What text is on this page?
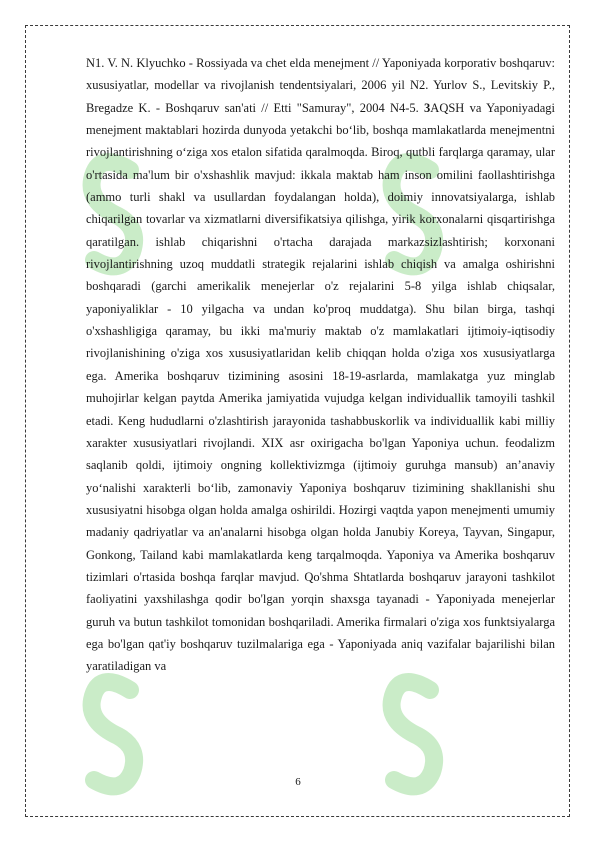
N1. V. N. Klyuchko - Rossiyada va chet elda menejment // Yaponiyada korporativ boshqaruv: xususiyatlar, modellar va rivojlanish tendentsiyalari, 2006 yil N2. Yurlov S., Levitskiy P., Bregadze K. - Boshqaruv san'ati // Etti "Samuray", 2004 N4-5. 3AQSH va Yaponiyadagi menejment maktablari hozirda dunyoda yetakchi bo‘lib, boshqa mamlakatlarda menejmentni rivojlantirishning o‘ziga xos etalon sifatida qaralmoqda. Biroq, qutbli farqlarga qaramay, ular o'rtasida ma'lum bir o'xshashlik mavjud: ikkala maktab ham inson omilini faollashtirishga (ammo turli shakl va usullardan foydalangan holda), doimiy innovatsiyalarga, ishlab chiqarilgan tovarlar va xizmatlarni diversifikatsiya qilishga, yirik korxonalarni qisqartirishga qaratilgan. ishlab chiqarishni o'rtacha darajada markazsizlashtirish; korxonani rivojlantirishning uzoq muddatli strategik rejalarini ishlab chiqish va amalga oshirishni boshqaradi (garchi amerikalik menejerlar o'z rejalarini 5-8 yilga ishlab chiqsalar, yaponiyaliklar - 10 yilgacha va undan ko'proq muddatga). Shu bilan birga, tashqi o'xshashligiga qaramay, bu ikki ma'muriy maktab o'z mamlakatlari ijtimoiy-iqtisodiy rivojlanishining o'ziga xos xususiyatlaridan kelib chiqqan holda o'ziga xos xususiyatlarga ega. Amerika boshqaruv tizimining asosini 18-19-asrlarda, mamlakatga yuz minglab muhojirlar kelgan paytda Amerika jamiyatida vujudga kelgan individuallik tamoyili tashkil etadi. Keng hududlarni o'zlashtirish jarayonida tashabbuskorlik va individuallik kabi milliy xarakter xususiyatlari rivojlandi. XIX asr oxirigacha bo'lgan Yaponiya uchun. feodalizm saqlanib qoldi, ijtimoiy ongning kollektivizmga (ijtimoiy guruhga mansub) an’anaviy yo‘nalishi xarakterli bo‘lib, zamonaviy Yaponiya boshqaruv tizimining shakllanishi shu xususiyatni hisobga olgan holda amalga oshirildi. Hozirgi vaqtda yapon menejmenti umumiy madaniy qadriyatlar va an'analarni hisobga olgan holda Janubiy Koreya, Tayvan, Singapur, Gonkong, Tailand kabi mamlakatlarda keng tarqalmoqda. Yaponiya va Amerika boshqaruv tizimlari o'rtasida boshqa farqlar mavjud. Qo'shma Shtatlarda boshqaruv jarayoni tashkilot faoliyatini yaxshilashga qodir bo'lgan yorqin shaxsga tayanadi - Yaponiyada menejerlar guruh va butun tashkilot tomonidan boshqariladi. Amerika firmalari o'ziga xos funktsiyalarga ega bo'lgan qat'iy boshqaruv tuzilmalariga ega - Yaponiyada aniq vazifalar bajarilishi bilan yaratiladigan va

6
